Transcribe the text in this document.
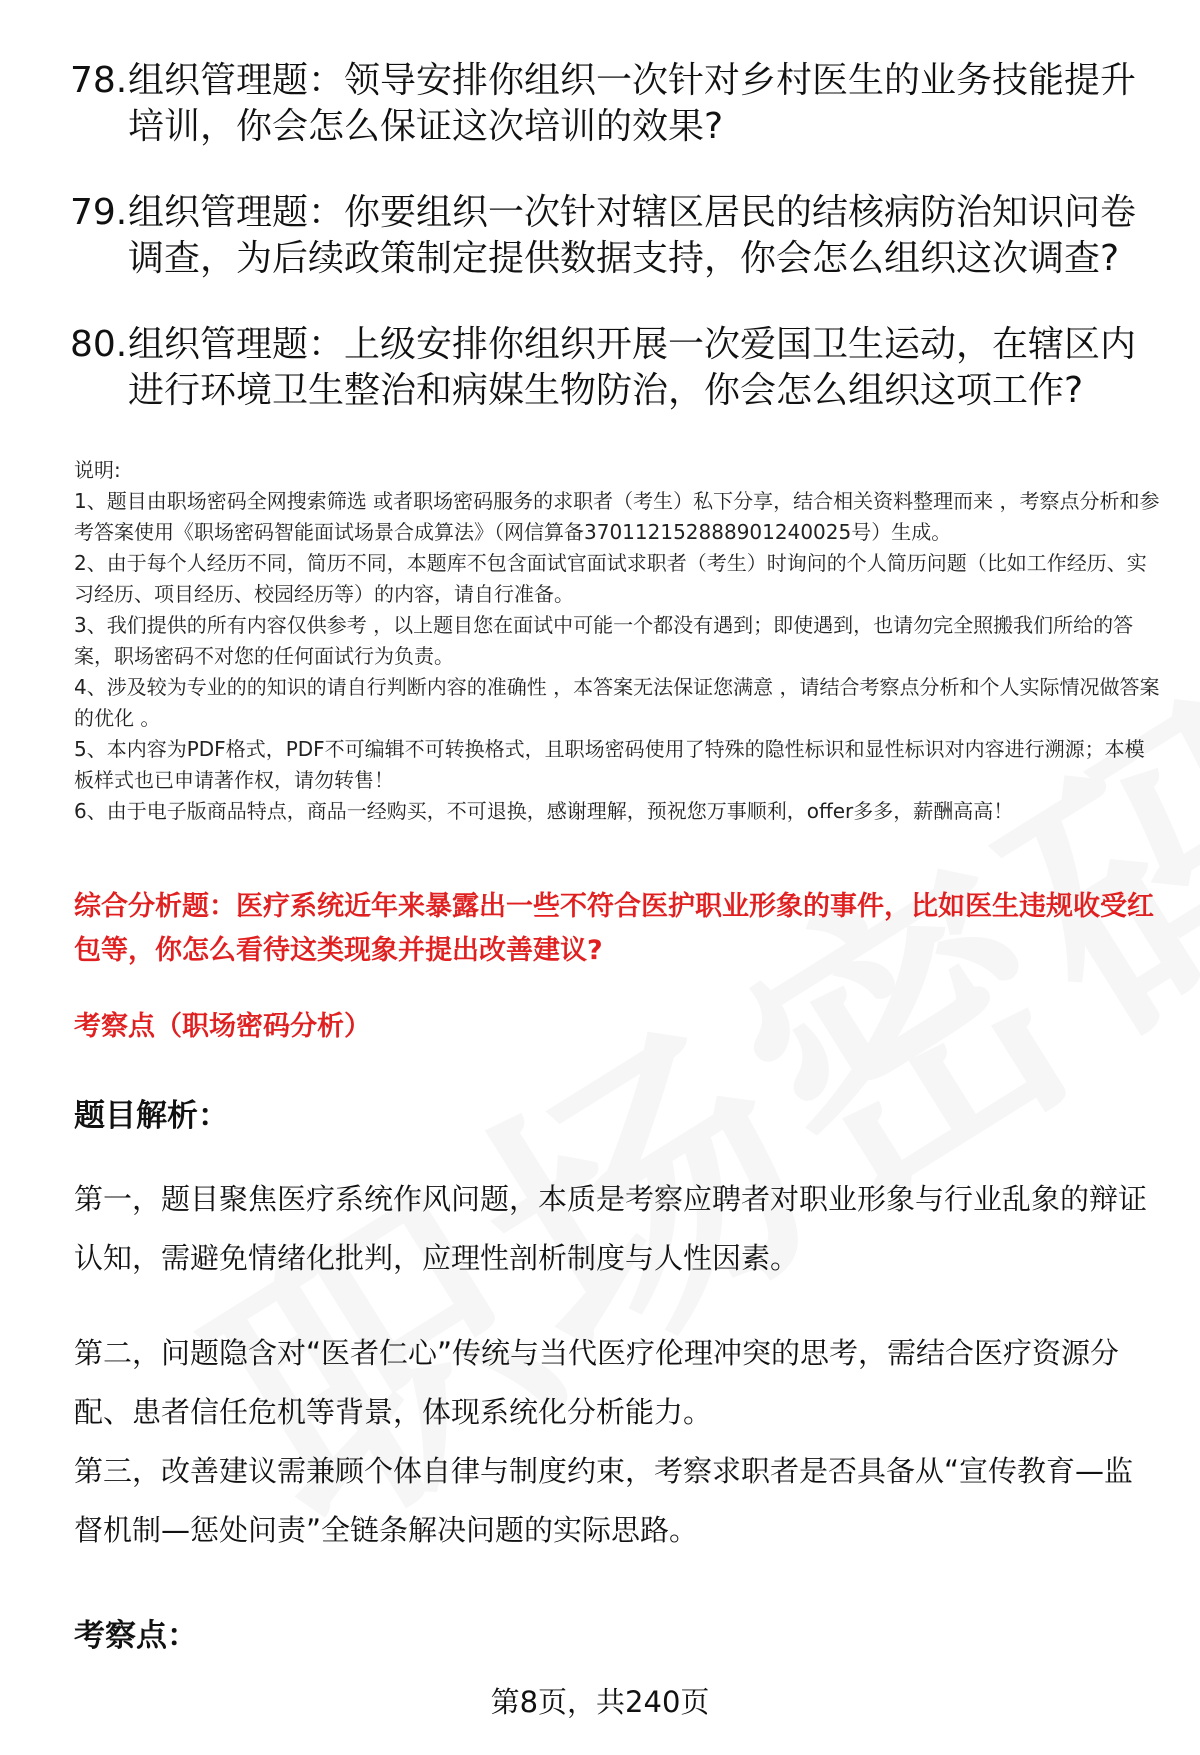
78. 组织管理题：领导安排你组织一次针对乡村医生的业务技能提升培训，你会怎么保证这次培训的效果?
79. 组织管理题：你要组织一次针对辖区居民的结核病防治知识问卷调查，为后续政策制定提供数据支持，你会怎么组织这次调查?
80. 组织管理题：上级安排你组织开展一次爱国卫生运动，在辖区内进行环境卫生整治和病媒生物防治，你会怎么组织这项工作?

说明:

1、题目由职场密码全网搜索筛选 或者职场密码服务的求职者（考生）私下分享，结合相关资料整理而来 ，考察点分析和参考答案使用《职场密码智能面试场景合成算法》（网信算备370112152888901240025号）生成。

2、由于每个人经历不同，简历不同，本题库不包含面试官面试求职者（考生）时询问的个人简历问题（比如工作经历、实习经历、项目经历、校园经历等）的内容，请自行准备。

3、我们提供的所有内容仅供参考 ，以上题目您在面试中可能一个都没有遇到；即使遇到，也请勿完全照搬我们所给的答案，职场密码不对您的任何面试行为负责。

4、涉及较为专业的的知识的请自行判断内容的准确性 ，本答案无法保证您满意 ，请结合考察点分析和个人实际情况做答案的优化 。

5、本内容为PDF格式，PDF不可编辑不可转换格式，且职场密码使用了特殊的隐性标识和显性标识对内容进行溯源；本模板样式也已申请著作权，请勿转售！

6、由于电子版商品特点，商品一经购买，不可退换，感谢理解，预祝您万事顺利，offer多多，薪酬高高！

综合分析题：医疗系统近年来暴露出一些不符合医护职业形象的事件，比如医生违规收受红包等，你怎么看待这类现象并提出改善建议?
考察点（职场密码分析）
题目解析：
第一，题目聚焦医疗系统作风问题，本质是考察应聘者对职业形象与行业乱象的辩证认知，需避免情绪化批判，应理性剖析制度与人性因素。
第二，问题隐含对“医者仁心”传统与当代医疗伦理冲突的思考，需结合医疗资源分配、患者信任危机等背景，体现系统化分析能力。
第三，改善建议需兼顾个体自律与制度约束，考察求职者是否具备从“宣传教育—监督机制—惩处问责”全链条解决问题的实际思路。
考察点：
第8页，共240页
